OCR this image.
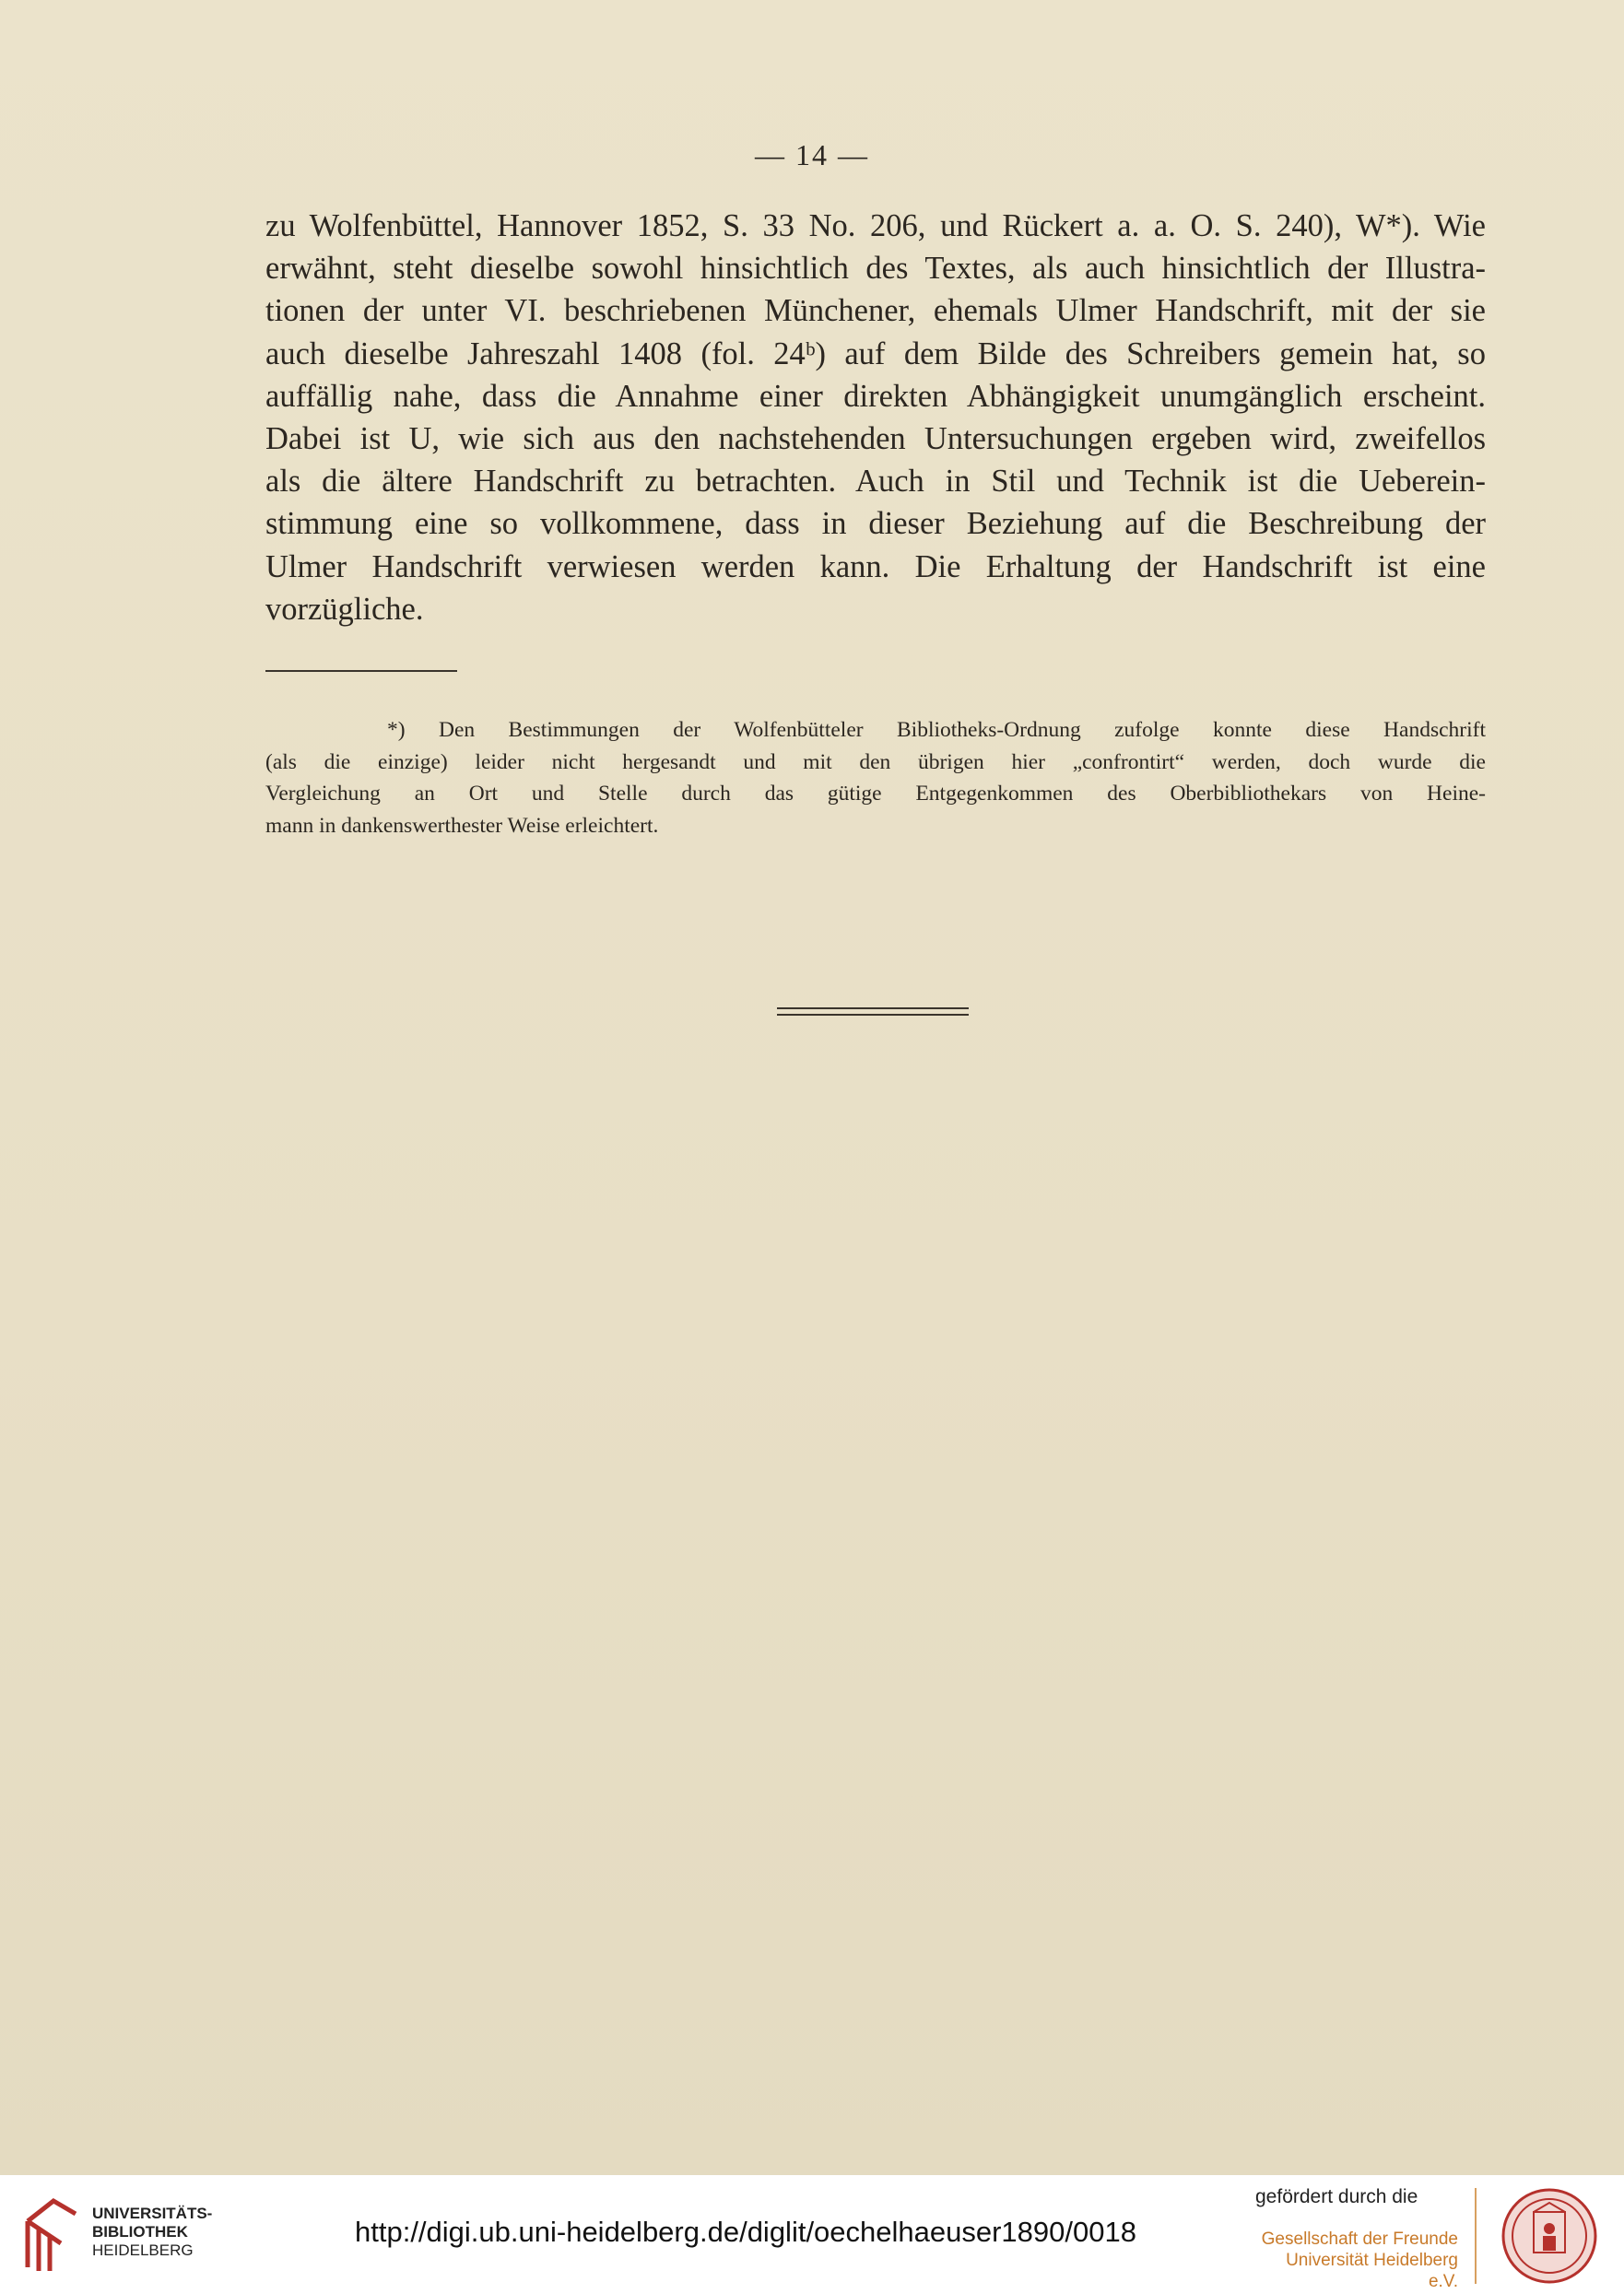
— 14 —
zu Wolfenbüttel, Hannover 1852, S. 33 No. 206, und Rückert a. a. O. S. 240), W*). Wie
erwähnt, steht dieselbe sowohl hinsichtlich des Textes, als auch hinsichtlich der Illustra-
tionen der unter VI. beschriebenen Münchener, ehemals Ulmer Handschrift, mit der sie
auch dieselbe Jahreszahl 1408 (fol. 24ᵇ) auf dem Bilde des Schreibers gemein hat, so
auffällig nahe, dass die Annahme einer direkten Abhängigkeit unumgänglich erscheint.
Dabei ist U, wie sich aus den nachstehenden Untersuchungen ergeben wird, zweifellos
als die ältere Handschrift zu betrachten. Auch in Stil und Technik ist die Ueberein-
stimmung eine so vollkommene, dass in dieser Beziehung auf die Beschreibung der
Ulmer Handschrift verwiesen werden kann. Die Erhaltung der Handschrift ist eine
vorzügliche.
*) Den Bestimmungen der Wolfenbütteler Bibliotheks-Ordnung zufolge konnte diese Handschrift
(als die einzige) leider nicht hergesandt und mit den übrigen hier „confrontirt“ werden, doch wurde die
Vergleichung an Ort und Stelle durch das gütige Entgegenkommen des Oberbibliothekars von Heine-
mann in dankenswerthester Weise erleichtert.
UNIVERSITÄTS-
BIBLIOTHEK
HEIDELBERG
http://digi.ub.uni-heidelberg.de/diglit/oechelhaeuser1890/0018
gefördert durch die
Gesellschaft der Freunde
Universität Heidelberg e.V.
